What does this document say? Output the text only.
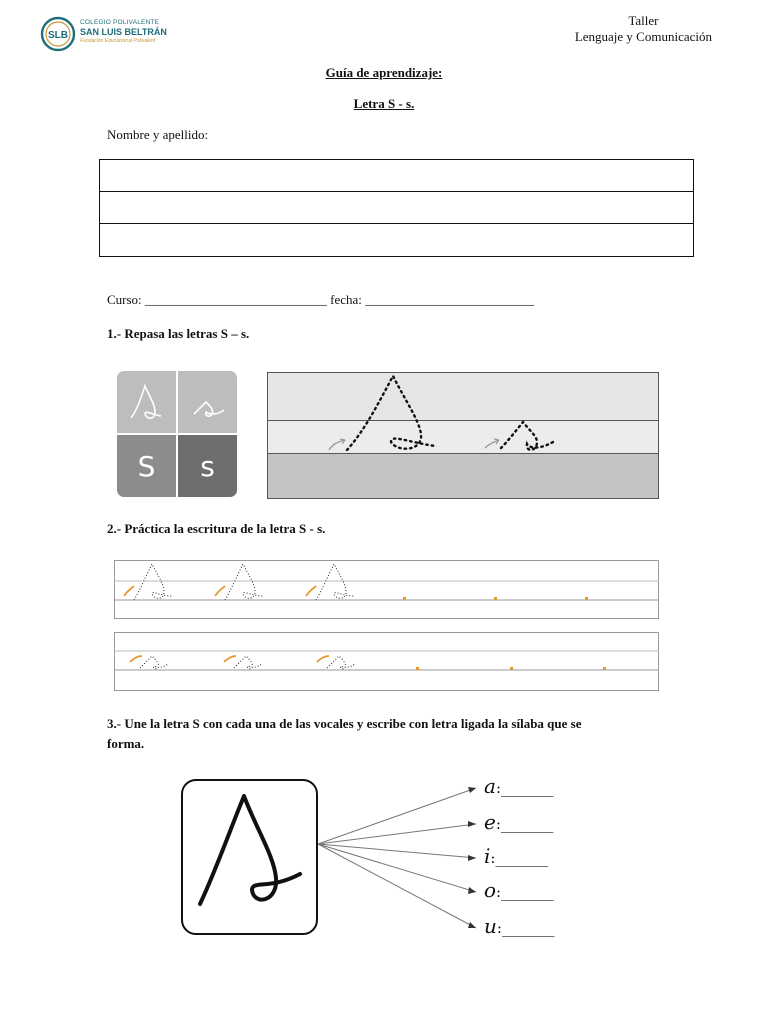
SLB
COLEGIO POLIVALENTE
SAN LUIS BELTRÁN
Fundación Educacional Polivalent
Taller
Lenguaje y Comunicación
Guía de aprendizaje:
Letra S - s.
Nombre y apellido:
Curso: ____________________________ fecha: __________________________
1.- Repasa las letras S – s.
S	s
2.- Práctica la escritura de la letra S - s.
3.- Une la letra S con cada una de las vocales y escribe con letra ligada la sílaba que se
forma.
a:_______
e:_______
i:_______
o:_______
u:_______
